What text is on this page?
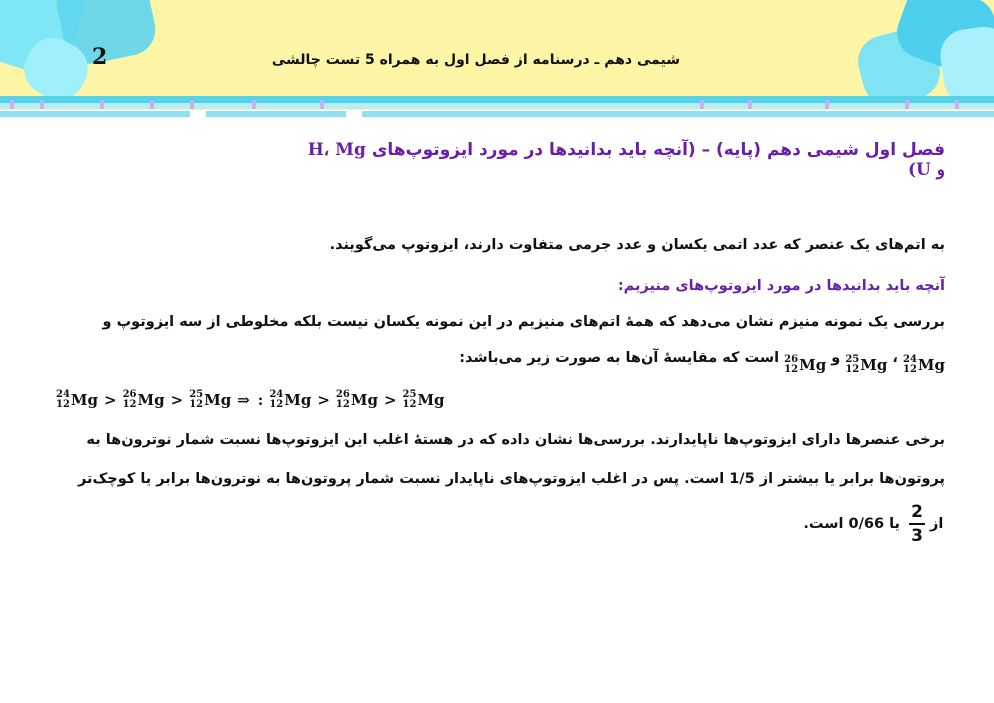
2	شیمی دهم ـ درسنامه از فصل اول به همراه 5 تست چالشی
فصل اول شیمی دهم (پایه) – (آنچه باید بدانیدها در مورد ایزوتوپ‌های H، Mg و U)
به اتم‌های یک عنصر که عدد اتمی یکسان و عدد جرمی متفاوت دارند، ایزوتوپ می‌گویند.
آنچه باید بدانیدها در مورد ایزوتوپ‌های منیزیم:
بررسی یک نمونه منیزم نشان می‌دهد که همهٔ اتم‌های منیزیم در این نمونه یکسان نیست بلکه مخلوطی از سه ایزوتوپ و
24
12 Mg
،
25
12 Mg
و
26
12 Mg
است که مقایسهٔ آن‌ها به صورت زیر می‌باشد:
24
12 Mg > 26
12 Mg > 25
12 Mg ⇒ : 24
12 Mg > 26
12 Mg > 25
12 Mg
برخی عنصرها دارای ایزوتوپ‌ها ناپایدارند. بررسی‌ها نشان داده که در هستهٔ اغلب این ایزوتوپ‌ها نسبت شمار نوترون‌ها به
پروتون‌ها برابر یا بیشتر از 1/5 است. پس در اغلب ایزوتوپ‌های ناپایدار نسبت شمار پروتون‌ها به نوترون‌ها برابر یا کوچک‌تر
از
2
3
یا 0/66 است.
